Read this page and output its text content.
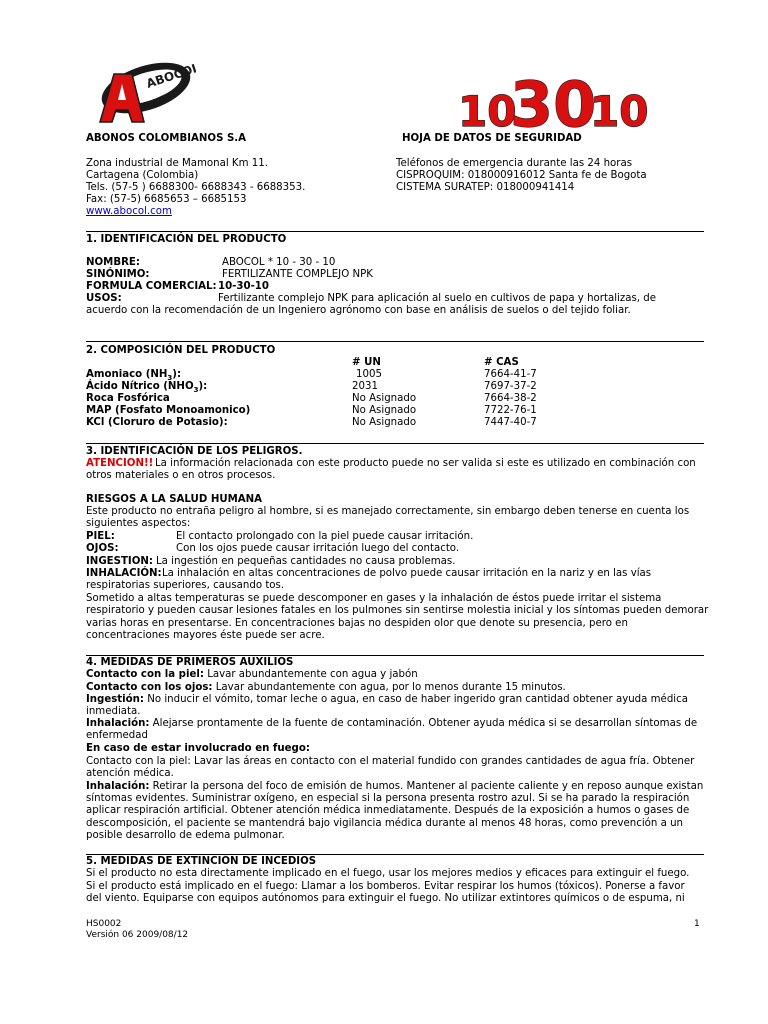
ABOCOL
10
30
10
ABONOS COLOMBIANOS S.A	HOJA DE DATOS DE SEGURIDAD
Zona industrial de Mamonal Km 11.
Cartagena (Colombia)
Tels. (57-5 ) 6688300- 6688343 - 6688353.
Fax: (57-5) 6685653 – 6685153
www.abocol.com
Teléfonos de emergencia durante las 24 horas
CISPROQUIM: 018000916012 Santa fe de Bogota
CISTEMA SURATEP: 018000941414
1. IDENTIFICACIÓN DEL PRODUCTO
NOMBRE:	ABOCOL * 10 - 30 - 10
SINÓNIMO:	FERTILIZANTE COMPLEJO NPK
FORMULA COMERCIAL: 10-30-10
USOS:	Fertilizante complejo NPK para aplicación al suelo en cultivos de papa y hortalizas, de
acuerdo con la recomendación de un Ingeniero agrónomo con base en análisis de suelos o del tejido foliar.
2. COMPOSICIÓN DEL PRODUCTO
# UN	# CAS
Amoniaco $(NH_3)$:	1005	7664-41-7
Ácido Nítrico $(NHO_3)$:	2031	7697-37-2
Roca Fosfórica	No Asignado	7664-38-2
MAP (Fosfato Monoamonico)	No Asignado	7722-76-1
KCl (Cloruro de Potasio):	No Asignado	7447-40-7
3. IDENTIFICACIÓN DE LOS PELIGROS.
ATENCION!! La información relacionada con este producto puede no ser valida si este es utilizado en combinación con
otros materiales o en otros procesos.
RIESGOS A LA SALUD HUMANA
Este producto no entraña peligro al hombre, si es manejado correctamente, sin embargo deben tenerse en cuenta los
siguientes aspectos:
PIEL:	El contacto prolongado con la piel puede causar irritación.
OJOS:	Con los ojos puede causar irritación luego del contacto.
INGESTION: La ingestión en pequeñas cantidades no causa problemas.
INHALACIÓN: La inhalación en altas concentraciones de polvo puede causar irritación en la nariz y en las vías
respiratorias superiores, causando tos.
Sometido a altas temperaturas se puede descomponer en gases y la inhalación de éstos puede irritar el sistema
respiratorio y pueden causar lesiones fatales en los pulmones sin sentirse molestia inicial y los síntomas pueden demorar
varias horas en presentarse. En concentraciones bajas no despiden olor que denote su presencia, pero en
concentraciones mayores éste puede ser acre.
4. MEDIDAS DE PRIMEROS AUXILIOS
Contacto con la piel: Lavar abundantemente con agua y jabón
Contacto con los ojos: Lavar abundantemente con agua, por lo menos durante 15 minutos.
Ingestión: No inducir el vómito, tomar leche o agua, en caso de haber ingerido gran cantidad obtener ayuda médica
inmediata.
Inhalación: Alejarse prontamente de la fuente de contaminación. Obtener ayuda médica si se desarrollan síntomas de
enfermedad
En caso de estar involucrado en fuego:
Contacto con la piel: Lavar las áreas en contacto con el material fundido con grandes cantidades de agua fría. Obtener
atención médica.
Inhalación: Retirar la persona del foco de emisión de humos. Mantener al paciente caliente y en reposo aunque existan
síntomas evidentes. Suministrar oxígeno, en especial si la persona presenta rostro azul. Si se ha parado la respiración
aplicar respiración artificial. Obtener atención médica inmediatamente. Después de la exposición a humos o gases de
descomposición, el paciente se mantendrá bajo vigilancia médica durante al menos 48 horas, como prevención a un
posible desarrollo de edema pulmonar.
5. MEDIDAS DE EXTINCIÓN DE INCEDIOS
Si el producto no esta directamente implicado en el fuego, usar los mejores medios y eficaces para extinguir el fuego.
Si el producto está implicado en el fuego: Llamar a los bomberos. Evitar respirar los humos (tóxicos). Ponerse a favor
del viento. Equiparse con equipos autónomos para extinguir el fuego. No utilizar extintores químicos o de espuma, ni
HS0002
Versión 06 2009/08/12
1
